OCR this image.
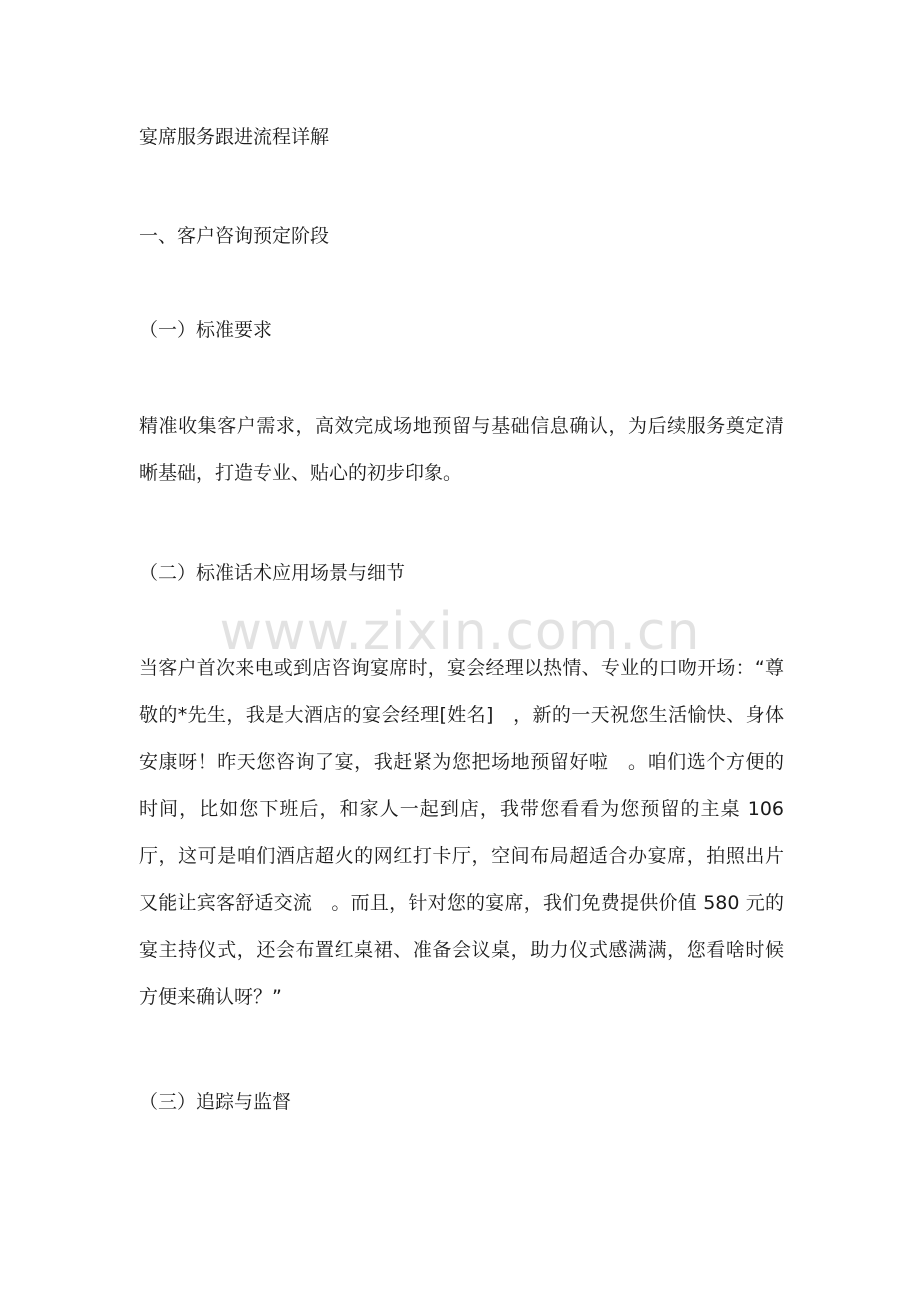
宴席服务跟进流程详解
一、客户咨询预定阶段
（一）标准要求
精准收集客户需求，高效完成场地预留与基础信息确认，为后续服务奠定清晰基础，打造专业、贴心的初步印象。
（二）标准话术应用场景与细节
当客户首次来电或到店咨询宴席时，宴会经理以热情、专业的口吻开场：“尊敬的*先生，我是大酒店的宴会经理[姓名]　，新的一天祝您生活愉快、身体安康呀！昨天您咨询了宴，我赶紧为您把场地预留好啦　。咱们选个方便的时间，比如您下班后，和家人一起到店，我带您看看为您预留的主桌 106 厅，这可是咱们酒店超火的网红打卡厅，空间布局超适合办宴席，拍照出片又能让宾客舒适交流　。而且，针对您的宴席，我们免费提供价值 580 元的宴主持仪式，还会布置红桌裙、准备会议桌，助力仪式感满满，您看啥时候方便来确认呀？”
（三）追踪与监督
www.zixin.com.cn
